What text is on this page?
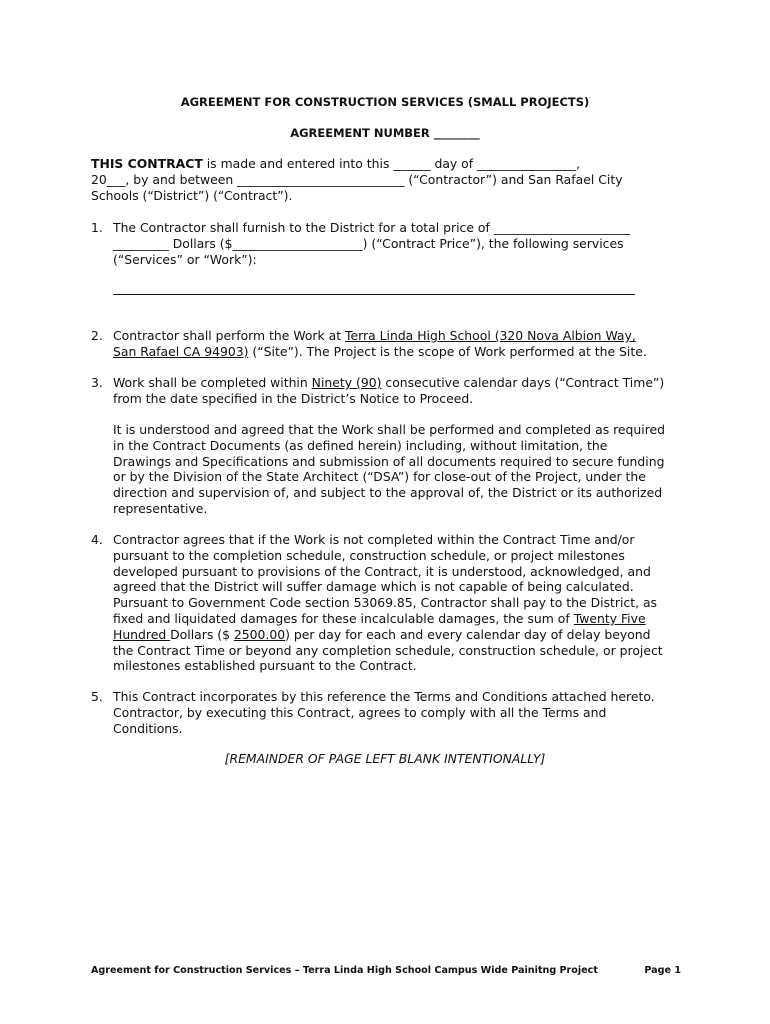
AGREEMENT FOR CONSTRUCTION SERVICES (SMALL PROJECTS)
AGREEMENT NUMBER ________
THIS CONTRACT is made and entered into this ______ day of ________________,
20___, by and between ___________________________ (“Contractor”) and San Rafael City
Schools (“District”) (“Contract”).
1. The Contractor shall furnish to the District for a total price of ______________________
_________ Dollars ($_____________________) (“Contract Price”), the following services
(“Services” or “Work”):
2. Contractor shall perform the Work at Terra Linda High School (320 Nova Albion Way,
San Rafael CA 94903) (“Site”). The Project is the scope of Work performed at the Site.
3. Work shall be completed within Ninety (90) consecutive calendar days (“Contract Time”)
from the date specified in the District’s Notice to Proceed.
It is understood and agreed that the Work shall be performed and completed as required
in the Contract Documents (as defined herein) including, without limitation, the
Drawings and Specifications and submission of all documents required to secure funding
or by the Division of the State Architect (“DSA”) for close-out of the Project, under the
direction and supervision of, and subject to the approval of, the District or its authorized
representative.
4. Contractor agrees that if the Work is not completed within the Contract Time and/or
pursuant to the completion schedule, construction schedule, or project milestones
developed pursuant to provisions of the Contract, it is understood, acknowledged, and
agreed that the District will suffer damage which is not capable of being calculated.
Pursuant to Government Code section 53069.85, Contractor shall pay to the District, as
fixed and liquidated damages for these incalculable damages, the sum of Twenty Five
Hundred Dollars ($ 2500.00) per day for each and every calendar day of delay beyond
the Contract Time or beyond any completion schedule, construction schedule, or project
milestones established pursuant to the Contract.
5. This Contract incorporates by this reference the Terms and Conditions attached hereto.
Contractor, by executing this Contract, agrees to comply with all the Terms and
Conditions.
[REMAINDER OF PAGE LEFT BLANK INTENTIONALLY]
Agreement for Construction Services – Terra Linda High School Campus Wide Painitng Project	Page 1
